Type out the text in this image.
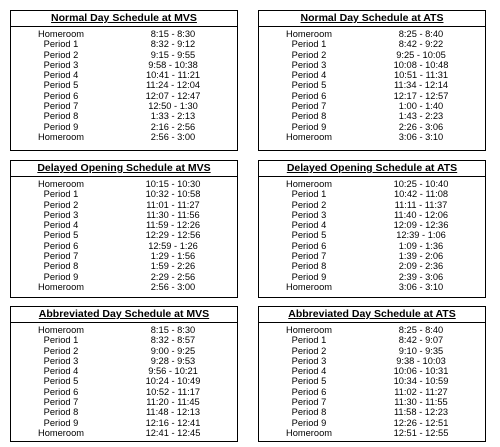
Normal Day Schedule at MVS
Homeroom	8:15 - 8:30
Period 1	8:32 - 9:12
Period 2	9:15 - 9:55
Period 3	9:58 - 10:38
Period 4	10:41 - 11:21
Period 5	11:24 - 12:04
Period 6	12:07 - 12:47
Period 7	12:50 - 1:30
Period 8	1:33 - 2:13
Period 9	2:16 - 2:56
Homeroom	2:56 - 3:00
Normal Day Schedule at ATS
Homeroom	8:25 - 8:40
Period 1	8:42 - 9:22
Period 2	9:25 - 10:05
Period 3	10:08 - 10:48
Period 4	10:51 - 11:31
Period 5	11:34 - 12:14
Period 6	12:17 - 12:57
Period 7	1:00 - 1:40
Period 8	1:43 - 2:23
Period 9	2:26 - 3:06
Homeroom	3:06 - 3:10
Delayed Opening Schedule at MVS
Homeroom	10:15 - 10:30
Period 1	10:32 - 10:58
Period 2	11:01 - 11:27
Period 3	11:30 - 11:56
Period 4	11:59 - 12:26
Period 5	12:29 - 12:56
Period 6	12:59 - 1:26
Period 7	1:29 - 1:56
Period 8	1:59 - 2:26
Period 9	2:29 - 2:56
Homeroom	2:56 - 3:00
Delayed Opening Schedule at ATS
Homeroom	10:25 - 10:40
Period 1	10:42 - 11:08
Period 2	11:11 - 11:37
Period 3	11:40 - 12:06
Period 4	12:09 - 12:36
Period 5	12:39 - 1:06
Period 6	1:09 - 1:36
Period 7	1:39 - 2:06
Period 8	2:09 - 2:36
Period 9	2:39 - 3:06
Homeroom	3:06 - 3:10
Abbreviated Day Schedule at MVS
Homeroom	8:15 - 8:30
Period 1	8:32 - 8:57
Period 2	9:00 - 9:25
Period 3	9:28 - 9:53
Period 4	9:56 - 10:21
Period 5	10:24 - 10:49
Period 6	10:52 - 11:17
Period 7	11:20 - 11:45
Period 8	11:48 - 12:13
Period 9	12:16 - 12:41
Homeroom	12:41 - 12:45
Abbreviated Day Schedule at ATS
Homeroom	8:25 - 8:40
Period 1	8:42 - 9:07
Period 2	9:10 - 9:35
Period 3	9:38 - 10:03
Period 4	10:06 - 10:31
Period 5	10:34 - 10:59
Period 6	11:02 - 11:27
Period 7	11:30 - 11:55
Period 8	11:58 - 12:23
Period 9	12:26 - 12:51
Homeroom	12:51 - 12:55
